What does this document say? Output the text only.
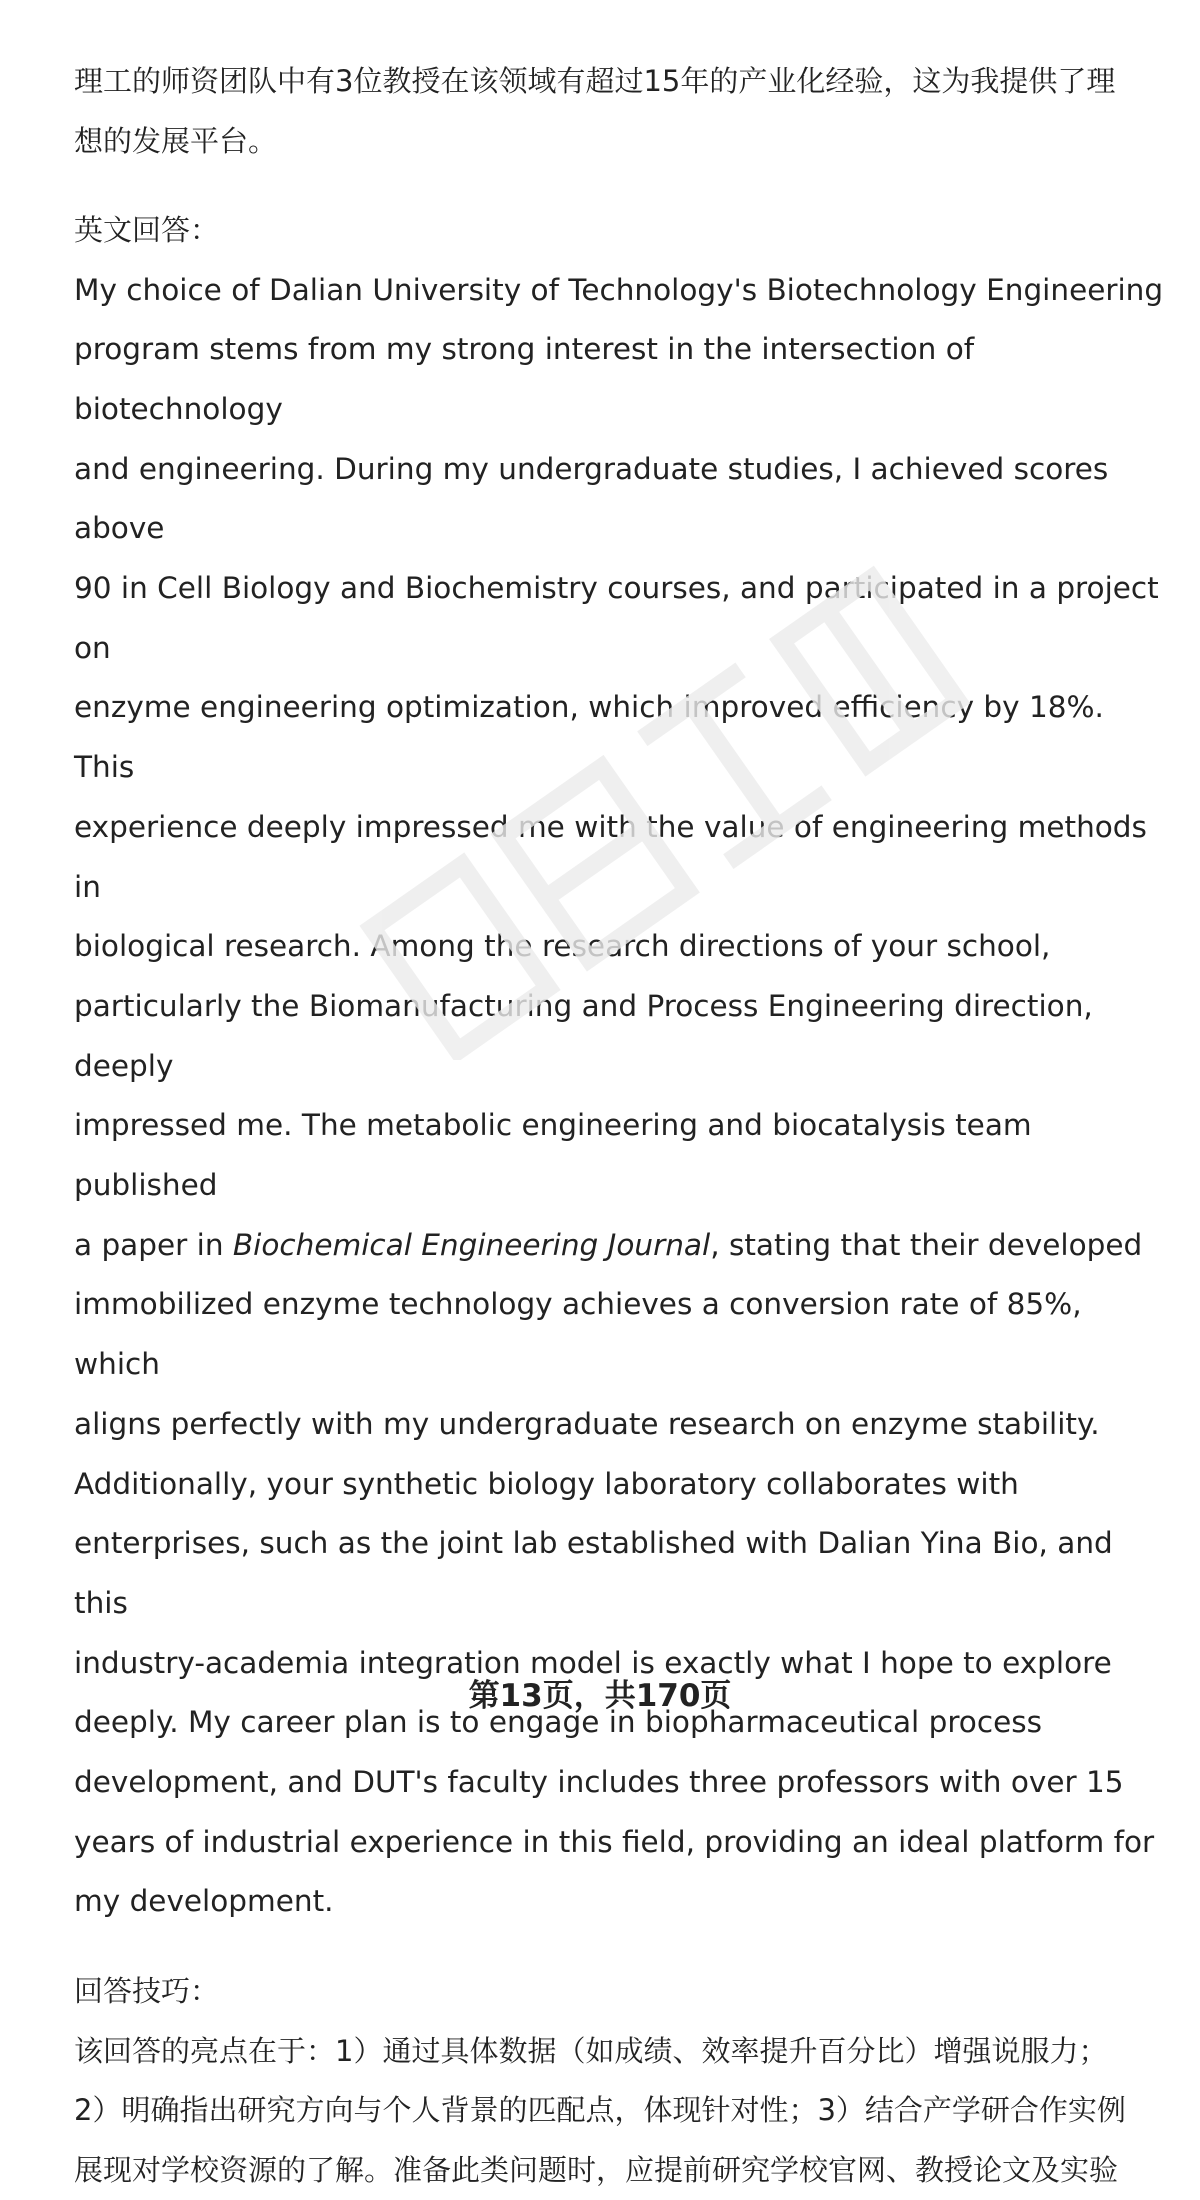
理工的师资团队中有3位教授在该领域有超过15年的产业化经验，这为我提供了理

想的发展平台。

英文回答：

My choice of Dalian University of Technology's Biotechnology Engineering

program stems from my strong interest in the intersection of biotechnology

and engineering. During my undergraduate studies, I achieved scores above

90 in Cell Biology and Biochemistry courses, and participated in a project on

enzyme engineering optimization, which improved efficiency by 18%. This

experience deeply impressed me with the value of engineering methods in

biological research. Among the research directions of your school,

particularly the Biomanufacturing and Process Engineering direction, deeply

impressed me. The metabolic engineering and biocatalysis team published

a paper in Biochemical Engineering Journal, stating that their developed

immobilized enzyme technology achieves a conversion rate of 85%, which

aligns perfectly with my undergraduate research on enzyme stability.

Additionally, your synthetic biology laboratory collaborates with

enterprises, such as the joint lab established with Dalian Yina Bio, and this

industry-academia integration model is exactly what I hope to explore

deeply. My career plan is to engage in biopharmaceutical process

development, and DUT's faculty includes three professors with over 15

years of industrial experience in this field, providing an ideal platform for

my development.

回答技巧：

该回答的亮点在于：1）通过具体数据（如成绩、效率提升百分比）增强说服力；

2）明确指出研究方向与个人背景的匹配点，体现针对性；3）结合产学研合作实例

展现对学校资源的了解。准备此类问题时，应提前研究学校官网、教授论文及实验

第13页，共170页
